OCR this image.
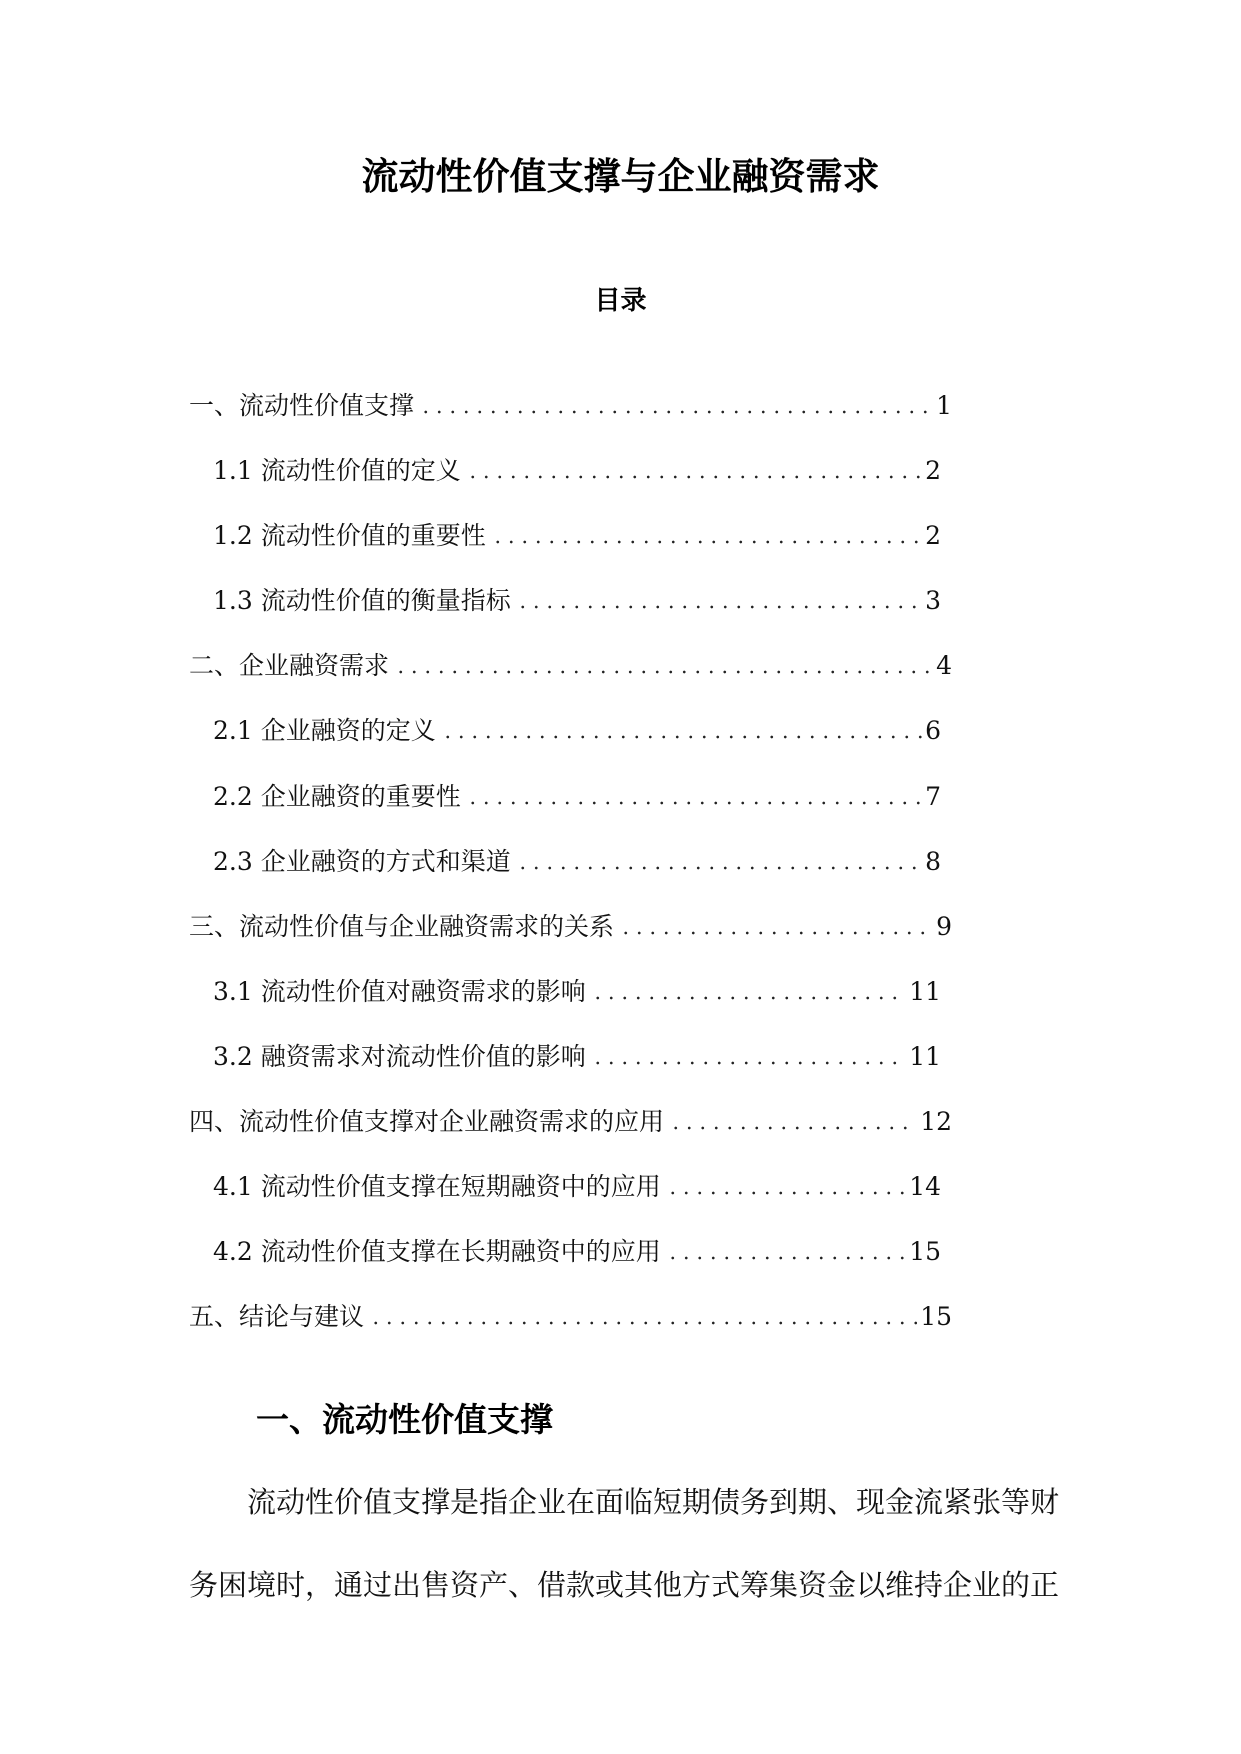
流动性价值支撑与企业融资需求
目录
一、流动性价值支撑	1
1.1 流动性价值的定义	2
1.2 流动性价值的重要性	2
1.3 流动性价值的衡量指标	3
二、企业融资需求	4
2.1 企业融资的定义	6
2.2 企业融资的重要性	7
2.3 企业融资的方式和渠道	8
三、流动性价值与企业融资需求的关系	9
3.1 流动性价值对融资需求的影响	11
3.2 融资需求对流动性价值的影响	11
四、流动性价值支撑对企业融资需求的应用	12
4.1 流动性价值支撑在短期融资中的应用	14
4.2 流动性价值支撑在长期融资中的应用	15
五、结论与建议	15
一、流动性价值支撑

流动性价值支撑是指企业在面临短期债务到期、现金流紧张等财务困境时，通过出售资产、借款或其他方式筹集资金以维持企业的正
